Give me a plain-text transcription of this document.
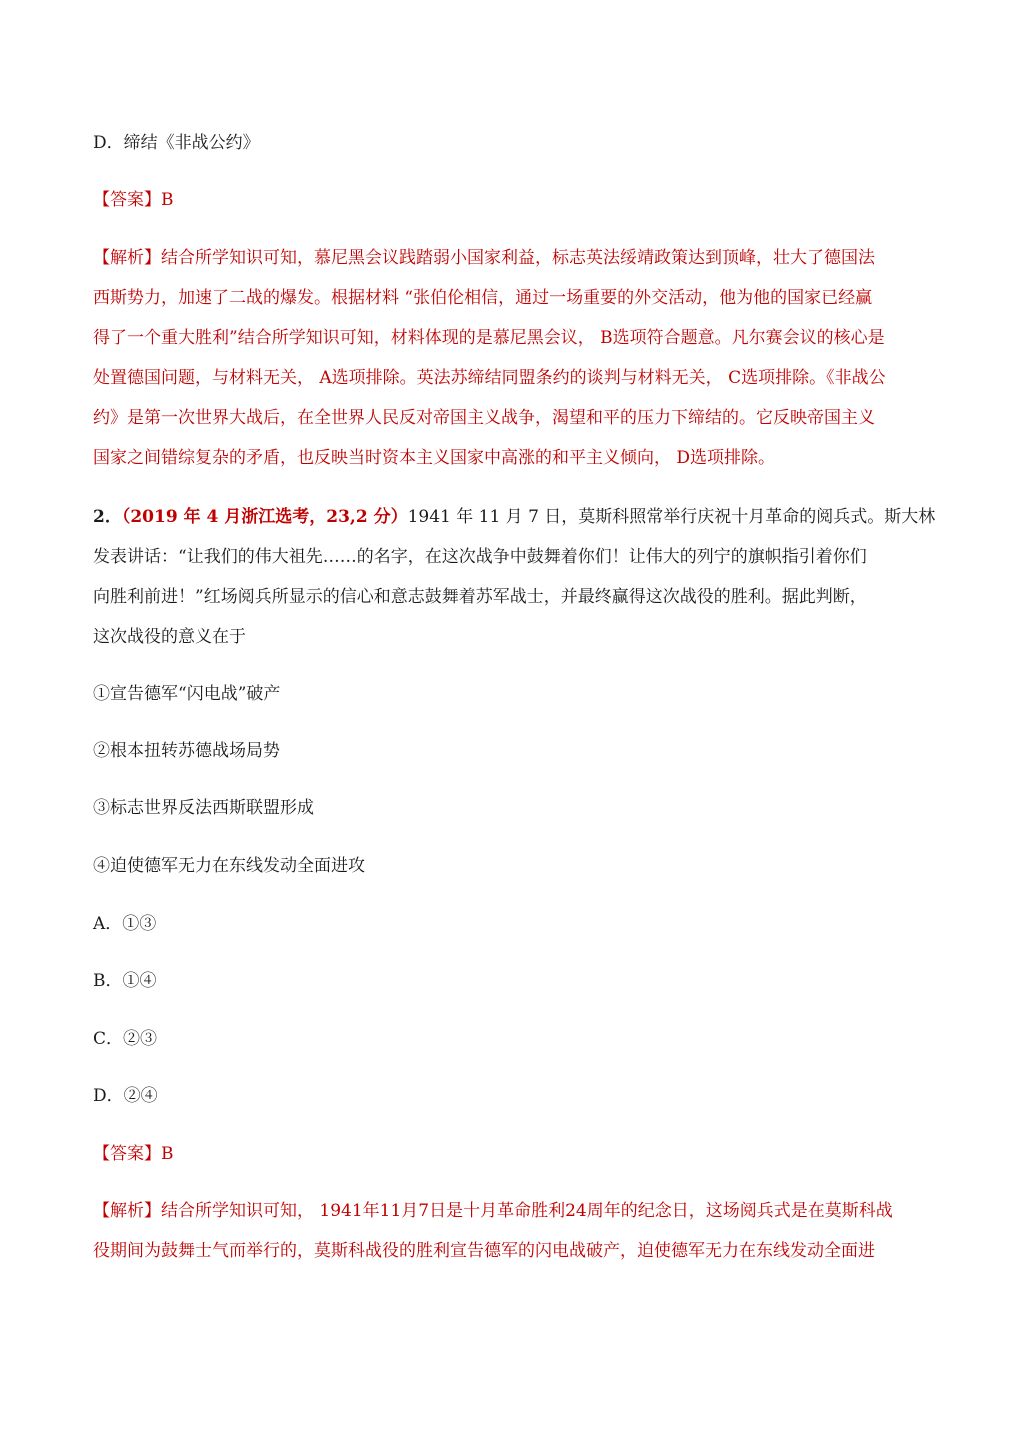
D．缔结《非战公约》
【答案】B
【解析】结合所学知识可知，慕尼黑会议践踏弱小国家利益，标志英法绥靖政策达到顶峰，壮大了德国法
西斯势力，加速了二战的爆发。根据材料 “张伯伦相信，通过一场重要的外交活动，他为他的国家已经赢
得了一个重大胜利”结合所学知识可知，材料体现的是慕尼黑会议， B选项符合题意。凡尔赛会议的核心是
处置德国问题，与材料无关， A选项排除。英法苏缔结同盟条约的谈判与材料无关， C选项排除。《非战公
约》是第一次世界大战后，在全世界人民反对帝国主义战争，渴望和平的压力下缔结的。它反映帝国主义
国家之间错综复杂的矛盾，也反映当时资本主义国家中高涨的和平主义倾向， D选项排除。
2．（2019 年 4 月浙江选考，23,2 分）1941 年 11 月 7 日，莫斯科照常举行庆祝十月革命的阅兵式。斯大林
发表讲话：“让我们的伟大祖先……的名字，在这次战争中鼓舞着你们！让伟大的列宁的旗帜指引着你们
向胜利前进！”红场阅兵所显示的信心和意志鼓舞着苏军战士，并最终赢得这次战役的胜利。据此判断，
这次战役的意义在于
①宣告德军“闪电战”破产
②根本扭转苏德战场局势
③标志世界反法西斯联盟形成
④迫使德军无力在东线发动全面进攻
A．①③
B．①④
C．②③
D．②④
【答案】B
【解析】结合所学知识可知， 1941年11月7日是十月革命胜利24周年的纪念日，这场阅兵式是在莫斯科战
役期间为鼓舞士气而举行的，莫斯科战役的胜利宣告德军的闪电战破产，迫使德军无力在东线发动全面进
